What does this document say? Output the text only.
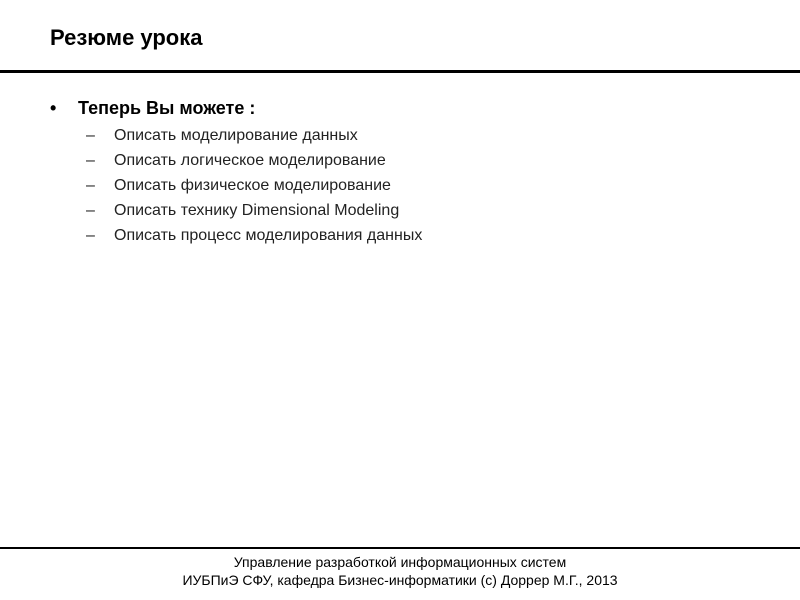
Резюме урока
•	Теперь Вы можете :
–	Описать моделирование данных
–	Описать логическое моделирование
–	Описать физическое моделирование
–	Описать технику Dimensional Modeling
–	Описать процесс моделирования данных
Управление разработкой информационных систем
ИУБПиЭ СФУ, кафедра Бизнес-информатики (с) Доррер М.Г., 2013
